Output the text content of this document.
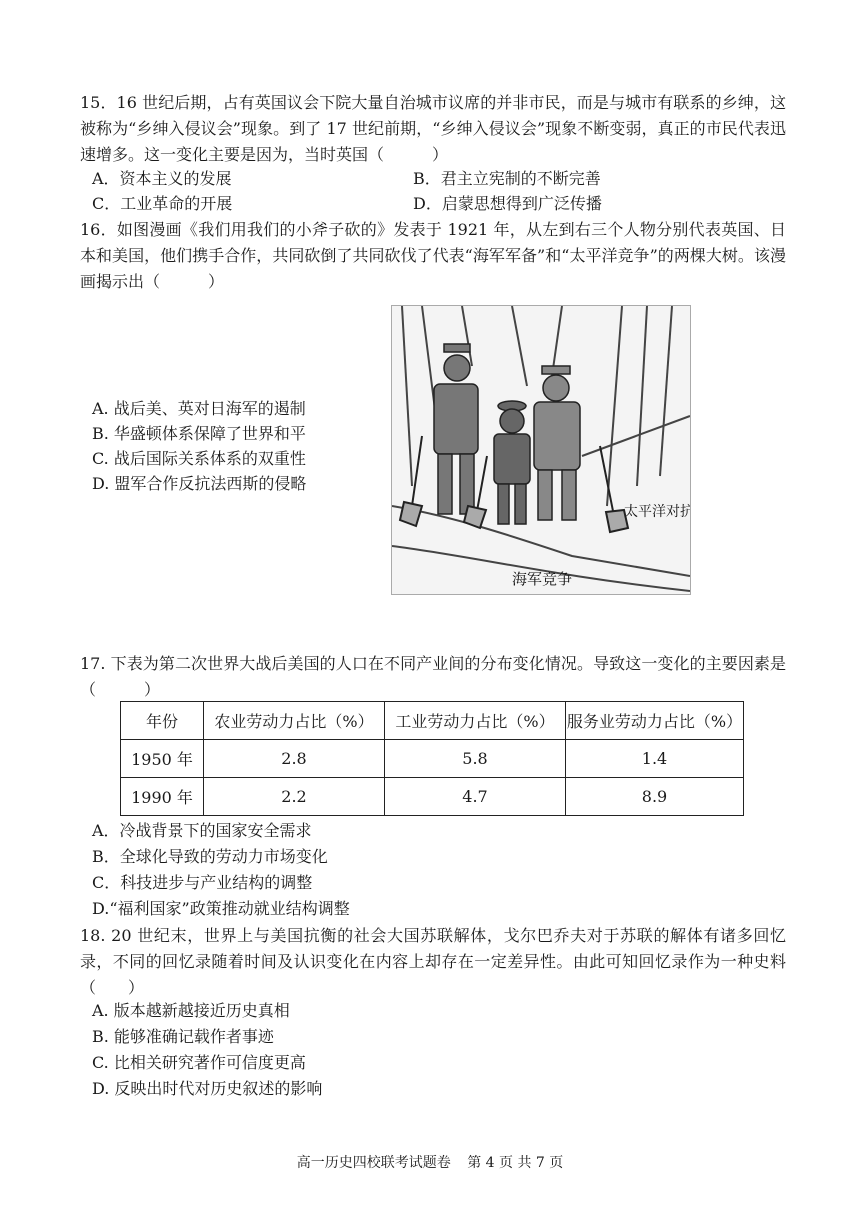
15．16 世纪后期，占有英国议会下院大量自治城市议席的并非市民，而是与城市有联系的乡绅，这被称为“乡绅入侵议会”现象。到了 17 世纪前期，“乡绅入侵议会”现象不断变弱，真正的市民代表迅速增多。这一变化主要是因为，当时英国（　　　）
A．资本主义的发展	B．君主立宪制的不断完善
C．工业革命的开展	D．启蒙思想得到广泛传播
16．如图漫画《我们用我们的小斧子砍的》发表于 1921 年，从左到右三个人物分别代表英国、日本和美国，他们携手合作，共同砍倒了共同砍伐了代表“海军军备”和“太平洋竞争”的两棵大树。该漫画揭示出（　　　）
A. 战后美、英对日海军的遏制
B. 华盛顿体系保障了世界和平
C. 战后国际关系体系的双重性
D. 盟军合作反抗法西斯的侵略
太平洋对抗
海军竞争
17. 下表为第二次世界大战后美国的人口在不同产业间的分布变化情况。导致这一变化的主要因素是（　　　）
年份	农业劳动力占比（%）	工业劳动力占比（%）	服务业劳动力占比（%）
1950 年	2.8	5.8	1.4
1990 年	2.2	4.7	8.9
A．冷战背景下的国家安全需求
B．全球化导致的劳动力市场变化
C．科技进步与产业结构的调整
D.“福利国家”政策推动就业结构调整
18. 20 世纪末，世界上与美国抗衡的社会大国苏联解体，戈尔巴乔夫对于苏联的解体有诸多回忆录，不同的回忆录随着时间及认识变化在内容上却存在一定差异性。由此可知回忆录作为一种史料（　　）
A. 版本越新越接近历史真相
B. 能够准确记载作者事迹
C. 比相关研究著作可信度更高
D. 反映出时代对历史叙述的影响
高一历史四校联考试题卷 第 4 页 共 7 页
